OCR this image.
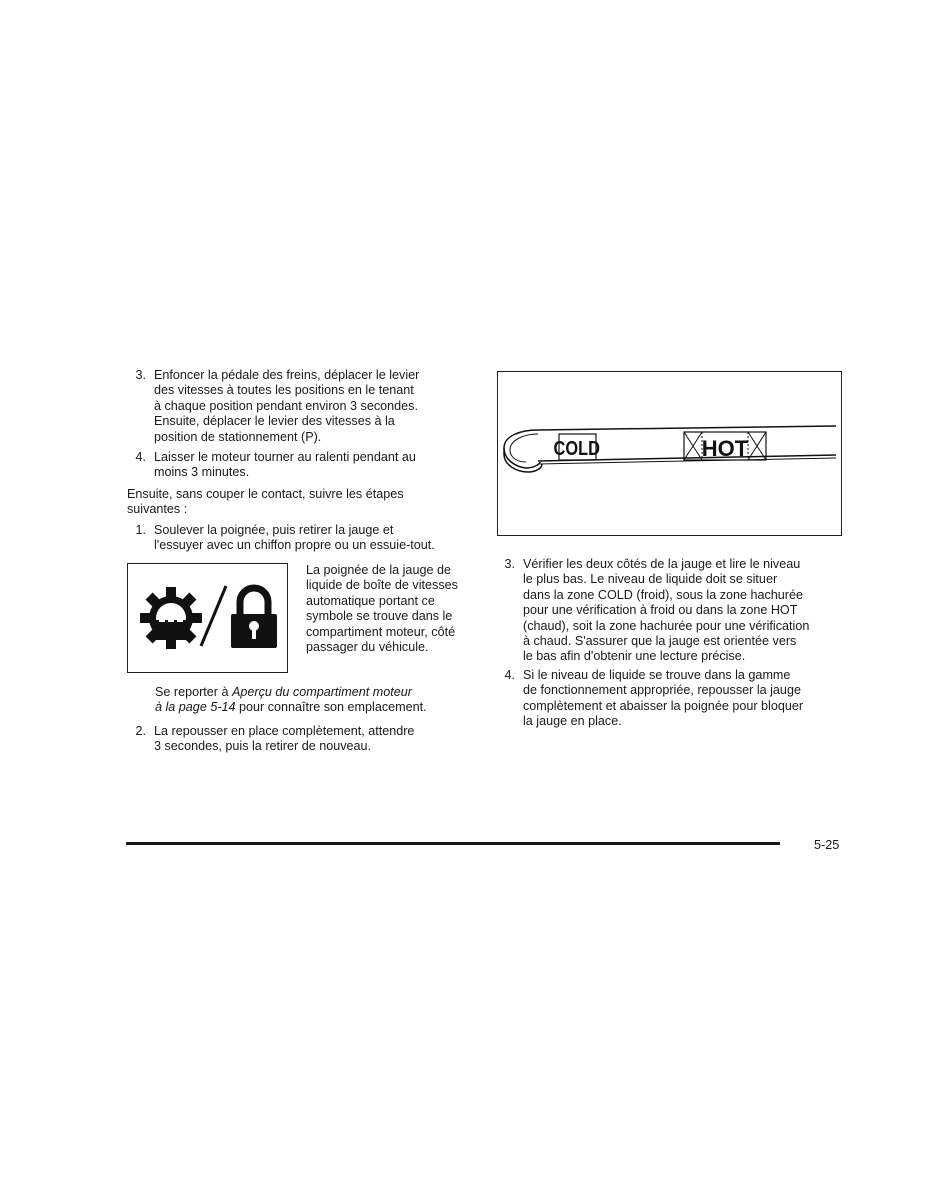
3. Enfoncer la pédale des freins, déplacer le levier
des vitesses à toutes les positions en le tenant
à chaque position pendant environ 3 secondes.
Ensuite, déplacer le levier des vitesses à la
position de stationnement (P).
4. Laisser le moteur tourner au ralenti pendant au
moins 3 minutes.
Ensuite, sans couper le contact, suivre les étapes
suivantes :
1. Soulever la poignée, puis retirer la jauge et
l'essuyer avec un chiffon propre ou un essuie-tout.
La poignée de la jauge de
liquide de boîte de vitesses
automatique portant ce
symbole se trouve dans le
compartiment moteur, côté
passager du véhicule.
Se reporter à Aperçu du compartiment moteur
à la page 5-14 pour connaître son emplacement.
2. La repousser en place complètement, attendre
3 secondes, puis la retirer de nouveau.
COLD	HOT
3. Vérifier les deux côtés de la jauge et lire le niveau
le plus bas. Le niveau de liquide doit se situer
dans la zone COLD (froid), sous la zone hachurée
pour une vérification à froid ou dans la zone HOT
(chaud), soit la zone hachurée pour une vérification
à chaud. S'assurer que la jauge est orientée vers
le bas afin d'obtenir une lecture précise.
4. Si le niveau de liquide se trouve dans la gamme
de fonctionnement appropriée, repousser la jauge
complètement et abaisser la poignée pour bloquer
la jauge en place.
5-25
